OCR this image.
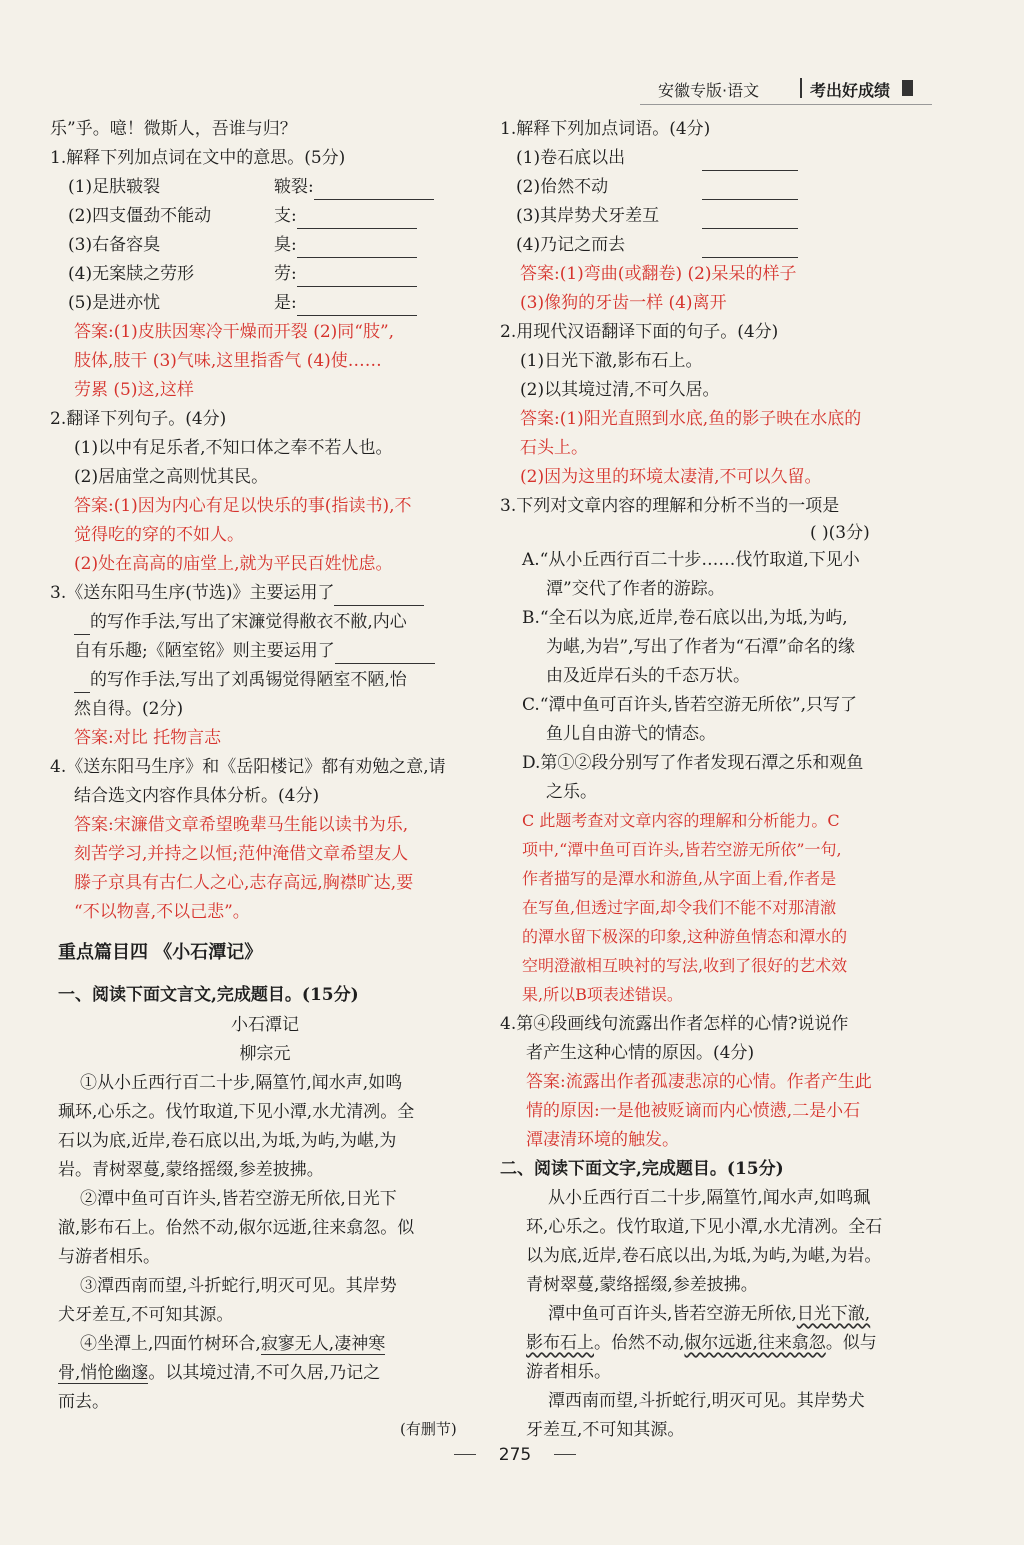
安徽专版·语文	考出好成绩
乐”乎。噫！微斯人，吾谁与归？
1.解释下列加点词在文中的意思。(5分)
(1)足肤皲裂	皲裂:
(2)四支僵劲不能动	支:
(3)右备容臭	臭:
(4)无案牍之劳形	劳:
(5)是进亦忧	是:
答案:(1)皮肤因寒冷干燥而开裂 (2)同“肢”,
肢体,肢干 (3)气味,这里指香气 (4)使……
劳累 (5)这,这样
2.翻译下列句子。(4分)
(1)以中有足乐者,不知口体之奉不若人也。
(2)居庙堂之高则忧其民。
答案:(1)因为内心有足以快乐的事(指读书),不
觉得吃的穿的不如人。
(2)处在高高的庙堂上,就为平民百姓忧虑。
3.《送东阳马生序(节选)》主要运用了
的写作手法,写出了宋濂觉得敝衣不敝,内心
自有乐趣;《陋室铭》则主要运用了
的写作手法,写出了刘禹锡觉得陋室不陋,怡
然自得。(2分)
答案:对比 托物言志
4.《送东阳马生序》和《岳阳楼记》都有劝勉之意,请
结合选文内容作具体分析。(4分)
答案:宋濂借文章希望晚辈马生能以读书为乐,
刻苦学习,并持之以恒;范仲淹借文章希望友人
滕子京具有古仁人之心,志存高远,胸襟旷达,要
“不以物喜,不以己悲”。
重点篇目四 《小石潭记》
一、阅读下面文言文,完成题目。(15分)
小石潭记
柳宗元
①从小丘西行百二十步,隔篁竹,闻水声,如鸣
珮环,心乐之。伐竹取道,下见小潭,水尤清冽。全
石以为底,近岸,卷石底以出,为坻,为屿,为嵁,为
岩。青树翠蔓,蒙络摇缀,参差披拂。
②潭中鱼可百许头,皆若空游无所依,日光下
澈,影布石上。佁然不动,俶尔远逝,往来翕忽。似
与游者相乐。
③潭西南而望,斗折蛇行,明灭可见。其岸势
犬牙差互,不可知其源。
④坐潭上,四面竹树环合,寂寥无人,凄神寒
骨,悄怆幽邃。以其境过清,不可久居,乃记之
而去。
(有删节)
1.解释下列加点词语。(4分)
(1)卷石底以出
(2)佁然不动
(3)其岸势犬牙差互
(4)乃记之而去
答案:(1)弯曲(或翻卷) (2)呆呆的样子
(3)像狗的牙齿一样 (4)离开
2.用现代汉语翻译下面的句子。(4分)
(1)日光下澈,影布石上。
(2)以其境过清,不可久居。
答案:(1)阳光直照到水底,鱼的影子映在水底的
石头上。
(2)因为这里的环境太凄清,不可以久留。
3.下列对文章内容的理解和分析不当的一项是
( )(3分)
A.“从小丘西行百二十步……伐竹取道,下见小
潭”交代了作者的游踪。
B.“全石以为底,近岸,卷石底以出,为坻,为屿,
为嵁,为岩”,写出了作者为“石潭”命名的缘
由及近岸石头的千态万状。
C.“潭中鱼可百许头,皆若空游无所依”,只写了
鱼儿自由游弋的情态。
D.第①②段分别写了作者发现石潭之乐和观鱼
之乐。
C 此题考查对文章内容的理解和分析能力。C
项中,“潭中鱼可百许头,皆若空游无所依”一句,
作者描写的是潭水和游鱼,从字面上看,作者是
在写鱼,但透过字面,却令我们不能不对那清澈
的潭水留下极深的印象,这种游鱼情态和潭水的
空明澄澈相互映衬的写法,收到了很好的艺术效
果,所以B项表述错误。
4.第④段画线句流露出作者怎样的心情?说说作
者产生这种心情的原因。(4分)
答案:流露出作者孤凄悲凉的心情。作者产生此
情的原因:一是他被贬谪而内心愤懑,二是小石
潭凄清环境的触发。
二、阅读下面文字,完成题目。(15分)
从小丘西行百二十步,隔篁竹,闻水声,如鸣珮
环,心乐之。伐竹取道,下见小潭,水尤清冽。全石
以为底,近岸,卷石底以出,为坻,为屿,为嵁,为岩。
青树翠蔓,蒙络摇缀,参差披拂。
潭中鱼可百许头,皆若空游无所依,日光下澈,
影布石上。佁然不动,俶尔远逝,往来翕忽。似与
游者相乐。
潭西南而望,斗折蛇行,明灭可见。其岸势犬
牙差互,不可知其源。
275
